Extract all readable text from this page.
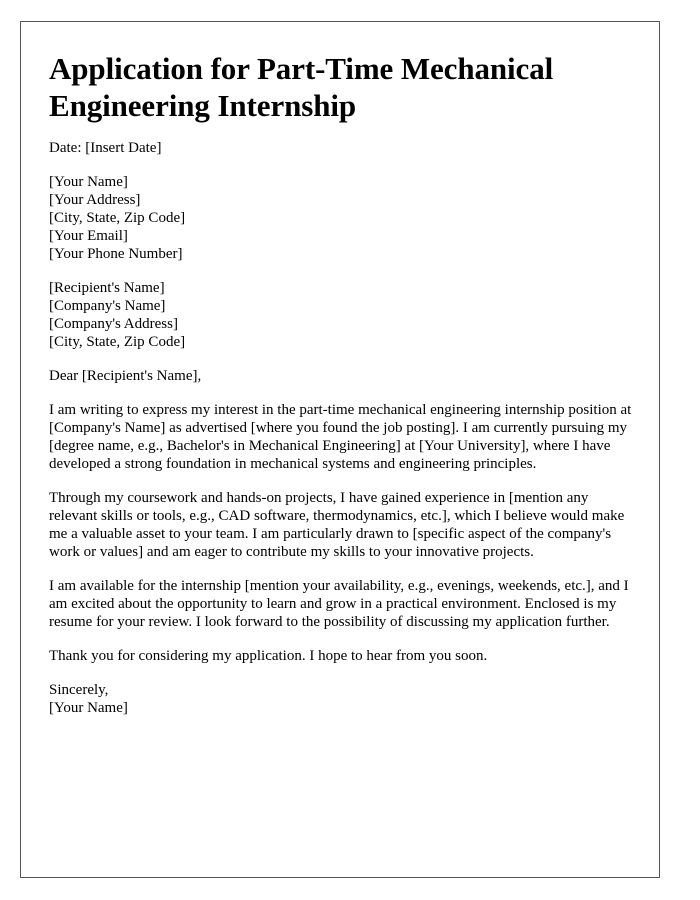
Application for Part-Time Mechanical Engineering Internship
Date: [Insert Date]
[Your Name]
[Your Address]
[City, State, Zip Code]
[Your Email]
[Your Phone Number]
[Recipient's Name]
[Company's Name]
[Company's Address]
[City, State, Zip Code]
Dear [Recipient's Name],

I am writing to express my interest in the part-time mechanical engineering internship position at [Company's Name] as advertised [where you found the job posting]. I am currently pursuing my [degree name, e.g., Bachelor's in Mechanical Engineering] at [Your University], where I have developed a strong foundation in mechanical systems and engineering principles.

Through my coursework and hands-on projects, I have gained experience in [mention any relevant skills or tools, e.g., CAD software, thermodynamics, etc.], which I believe would make me a valuable asset to your team. I am particularly drawn to [specific aspect of the company's work or values] and am eager to contribute my skills to your innovative projects.

I am available for the internship [mention your availability, e.g., evenings, weekends, etc.], and I am excited about the opportunity to learn and grow in a practical environment. Enclosed is my resume for your review. I look forward to the possibility of discussing my application further.

Thank you for considering my application. I hope to hear from you soon.

Sincerely,
[Your Name]
